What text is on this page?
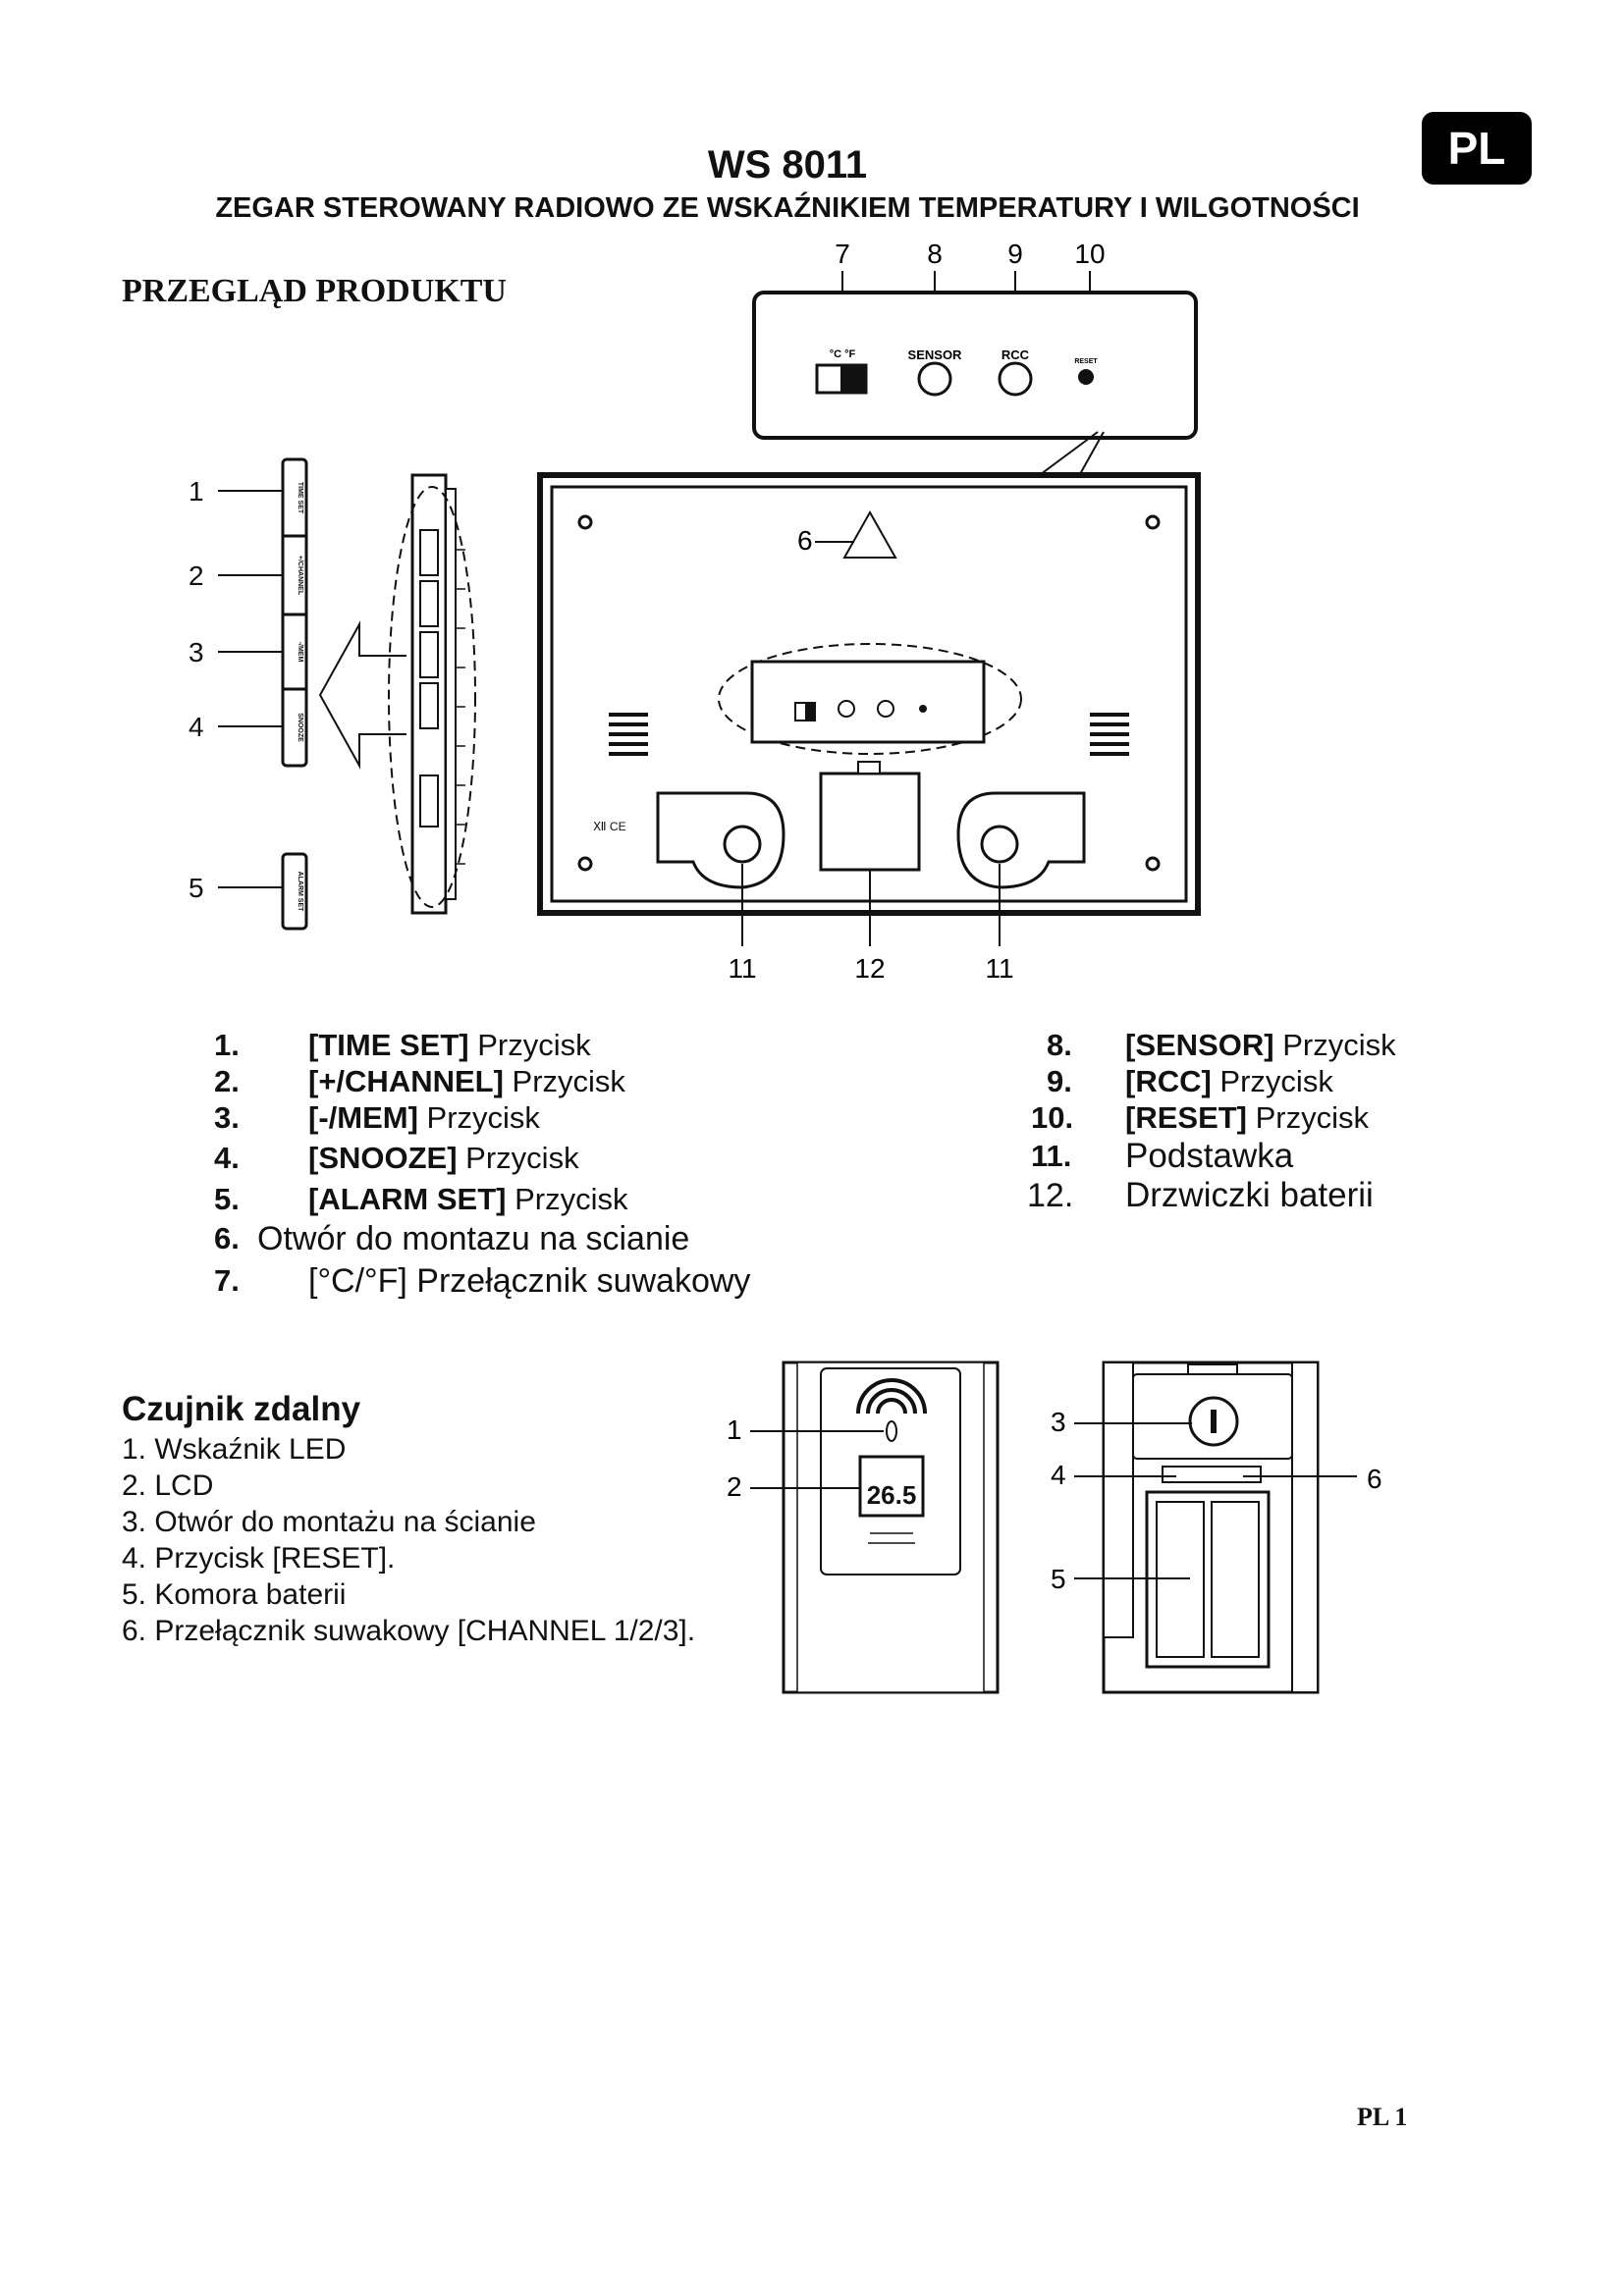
PL
WS 8011
ZEGAR STEROWANY RADIOWO ZE WSKAŹNIKIEM TEMPERATURY I WILGOTNOŚCI
PRZEGLĄD PRODUKTU
7	8 9 10
°C °F	SENSOR	RCC	RESET
TIME SET
+/CHANNEL
-/MEM
SNOOZE
ALARM SET
1
2
3
4
5
6
Ⅻ CE
11	12	11
1. [TIME SET] Przycisk
2. [+/CHANNEL] Przycisk
3. [-/MEM] Przycisk
4. [SNOOZE] Przycisk
5. [ALARM SET] Przycisk
6. Otwór do montazu na scianie
7. [°C/°F] Przełącznik suwakowy
8. [SENSOR] Przycisk
9. [RCC] Przycisk
10. [RESET] Przycisk
11. Podstawka
12. Drzwiczki baterii
Czujnik zdalny
1. Wskaźnik LED
2. LCD
3. Otwór do montażu na ścianie
4. Przycisk [RESET].
5. Komora baterii
6. Przełącznik suwakowy [CHANNEL 1/2/3].
26.5
1
2
3
4
5
6
PL 1
